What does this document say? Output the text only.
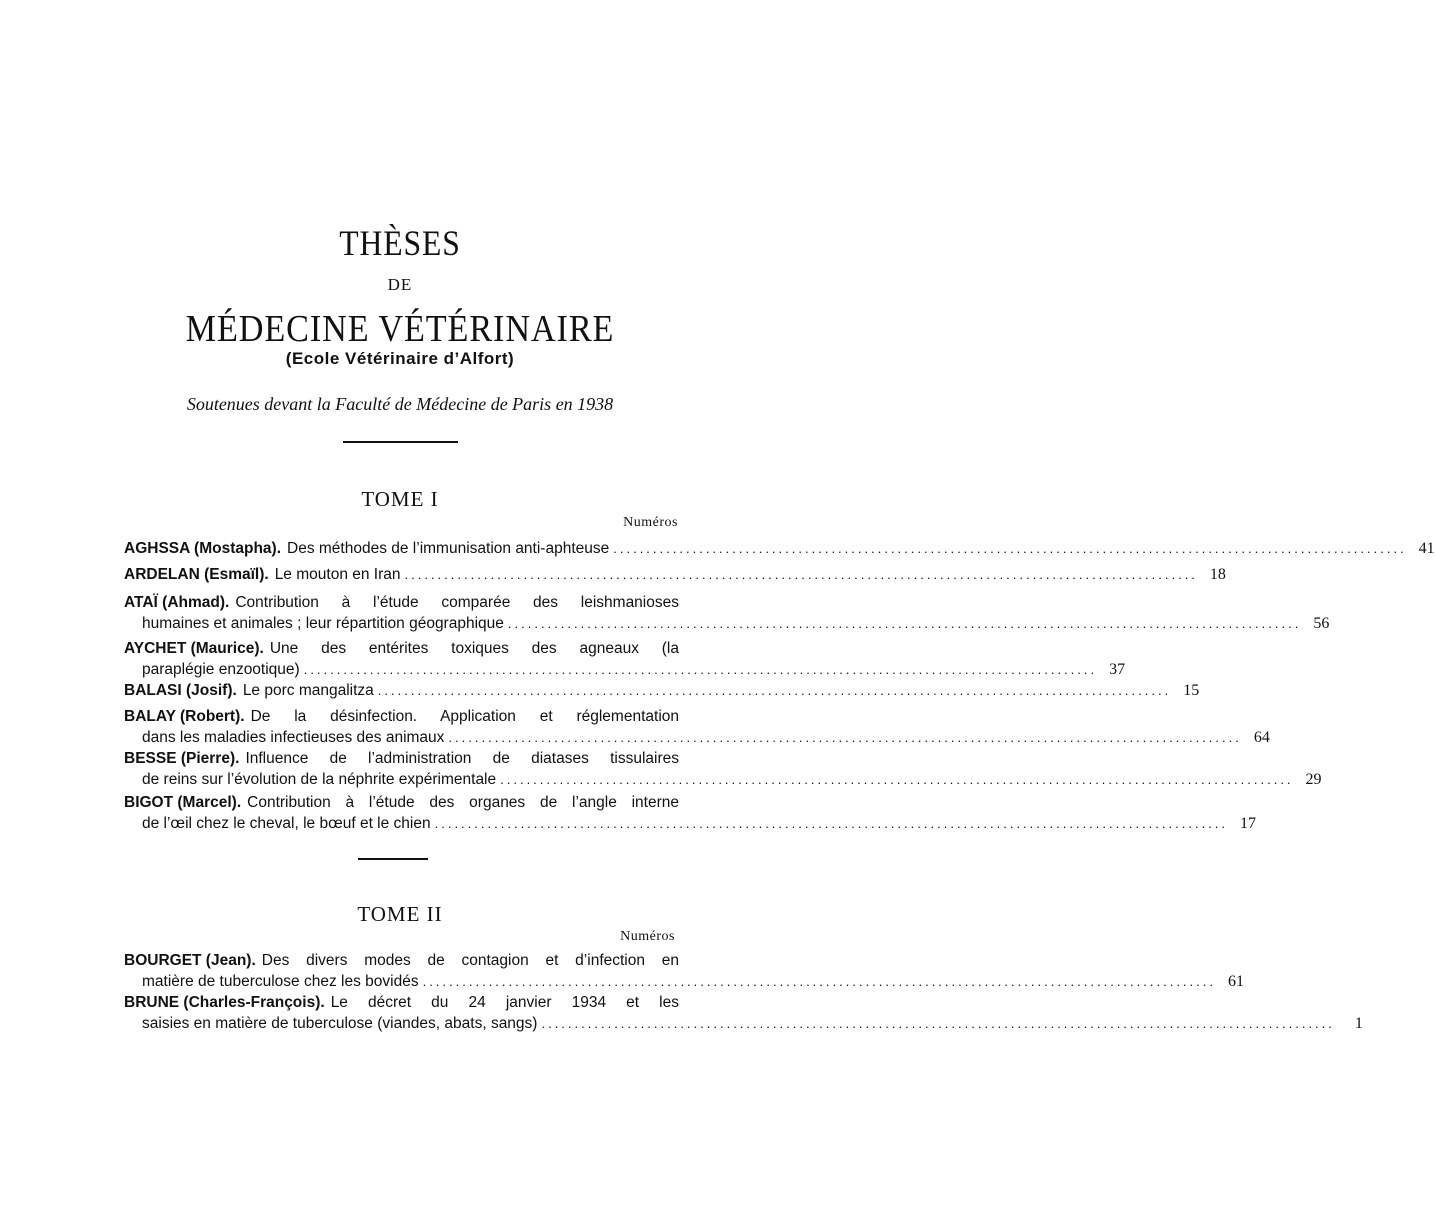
THÈSES
DE
MÉDECINE VÉTÉRINAIRE
(Ecole Vétérinaire d’Alfort)
Soutenues devant la Faculté de Médecine de Paris en 1938
TOME I
Numéros
AGHSSA (Mostapha). Des méthodes de l’immunisation anti-aphteuse ........................................................................................................................ 41
ARDELAN (Esmaïl). Le mouton en Iran ........................................................................................................................ 18
ATAÏ (Ahmad). Contribution à l’étude comparée des leishmanioses
humaines et animales ; leur répartition géographique ........................................................................................................................ 56
AYCHET (Maurice). Une des entérites toxiques des agneaux (la
paraplégie enzootique) ........................................................................................................................ 37
BALASI (Josif). Le porc mangalitza ........................................................................................................................ 15
BALAY (Robert). De la désinfection. Application et réglementation
dans les maladies infectieuses des animaux ........................................................................................................................ 64
BESSE (Pierre). Influence de l’administration de diatases tissulaires
de reins sur l’évolution de la néphrite expérimentale ........................................................................................................................ 29
BIGOT (Marcel). Contribution à l’étude des organes de l’angle interne
de l’œil chez le cheval, le bœuf et le chien ........................................................................................................................ 17
TOME II
Numéros
BOURGET (Jean). Des divers modes de contagion et d’infection en
matière de tuberculose chez les bovidés ........................................................................................................................ 61
BRUNE (Charles-François). Le décret du 24 janvier 1934 et les
saisies en matière de tuberculose (viandes, abats, sangs) ........................................................................................................................	1
